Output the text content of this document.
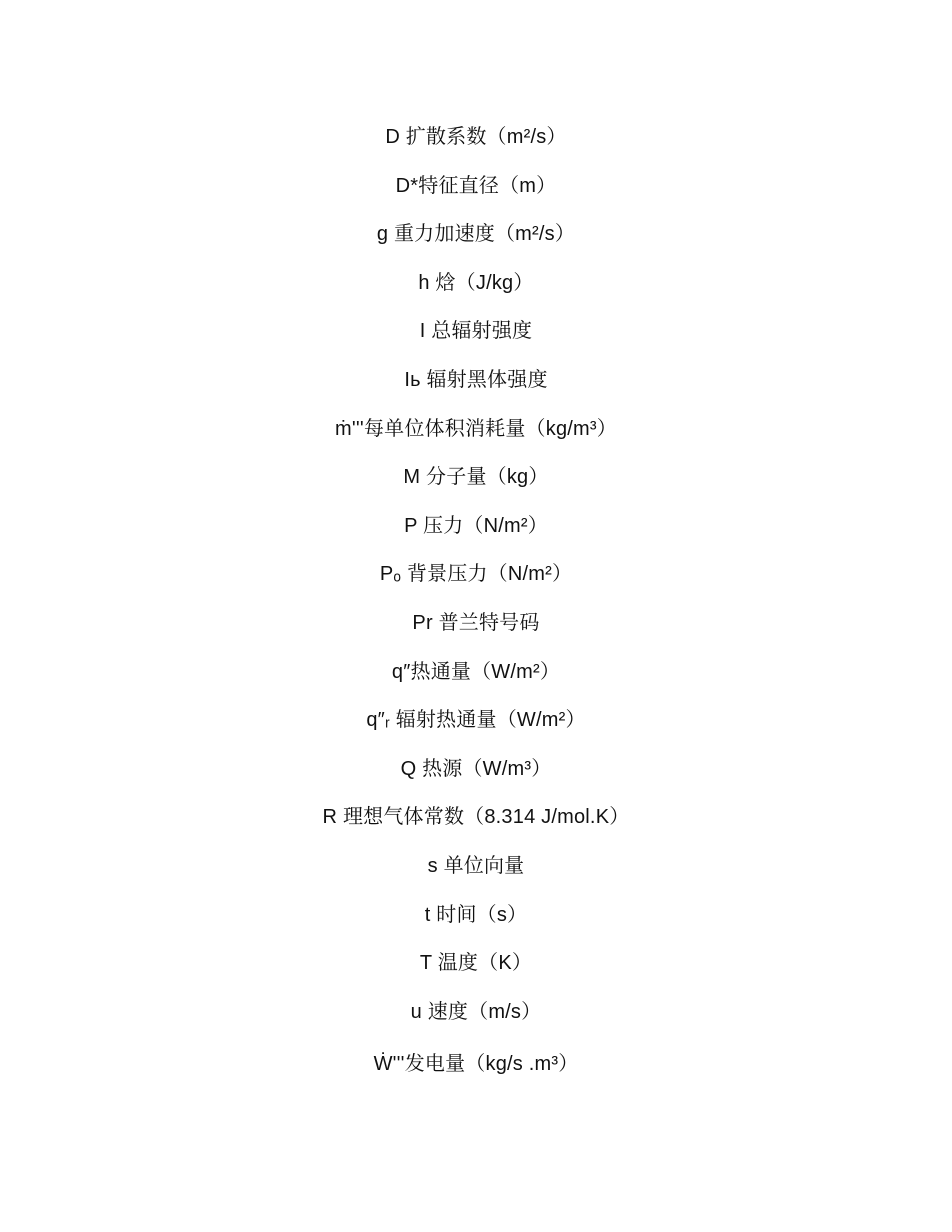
D 扩散系数（m²/s）
D*特征直径（m）
g 重力加速度（m²/s）
h 焓（J/kg）
I 总辐射强度
Iь 辐射黑体强度
ṁ'''每单位体积消耗量（kg/m³）
M 分子量（kg）
P 压力（N/m²）
Pₒ 背景压力（N/m²）
Pr 普兰特号码
q″热通量（W/m²）
q″ᵣ 辐射热通量（W/m²）
Q 热源（W/m³）
R 理想气体常数（8.314 J/mol.K）
s 单位向量
t 时间（s）
T 温度（K）
u 速度（m/s）
Ẇ'''发电量（kg/s .m³）
